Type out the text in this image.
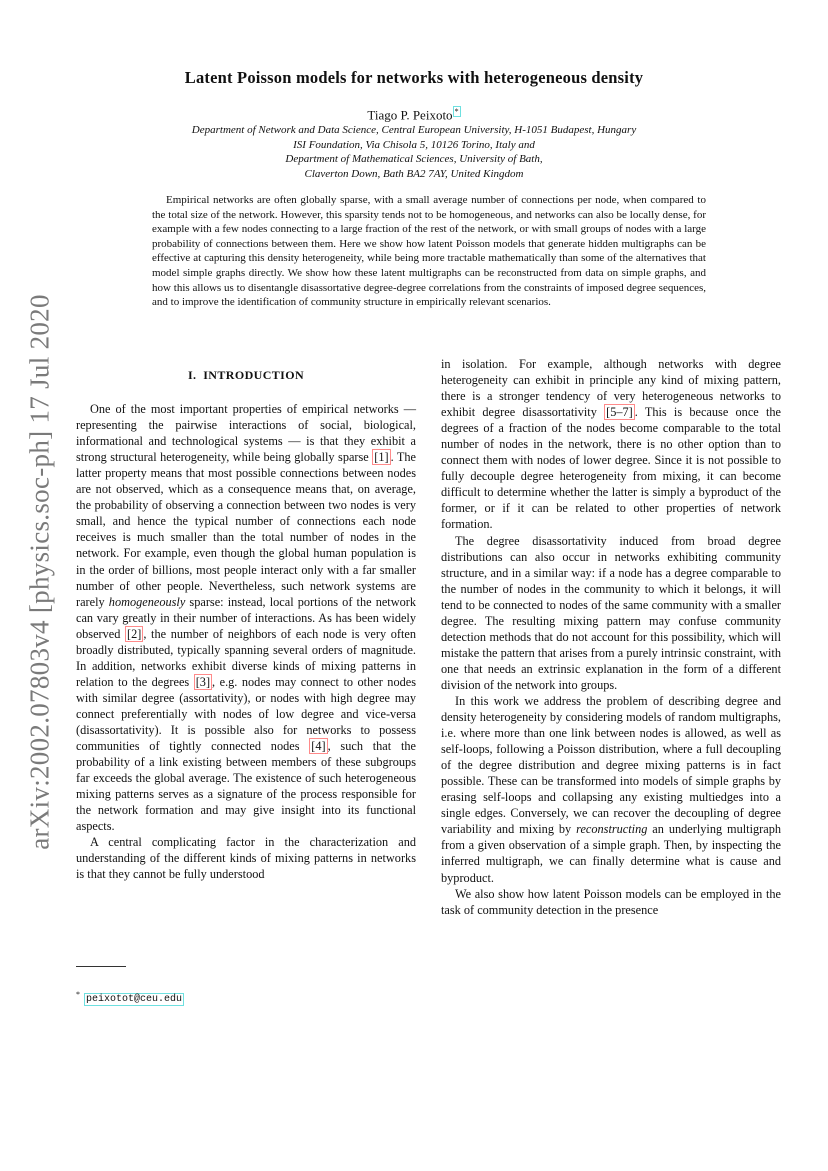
arXiv:2002.07803v4 [physics.soc-ph] 17 Jul 2020
Latent Poisson models for networks with heterogeneous density
Tiago P. Peixoto *
Department of Network and Data Science, Central European University, H-1051 Budapest, Hungary
ISI Foundation, Via Chisola 5, 10126 Torino, Italy and
Department of Mathematical Sciences, University of Bath,
Claverton Down, Bath BA2 7AY, United Kingdom

Empirical networks are often globally sparse, with a small average number of connections per node, when compared to the total size of the network. However, this sparsity tends not to be homogeneous, and networks can also be locally dense, for example with a few nodes connecting to a large fraction of the rest of the network, or with small groups of nodes with a large probability of connections between them. Here we show how latent Poisson models that generate hidden multigraphs can be effective at capturing this density heterogeneity, while being more tractable mathematically than some of the alternatives that model simple graphs directly. We show how these latent multigraphs can be reconstructed from data on simple graphs, and how this allows us to disentangle disassortative degree-degree correlations from the constraints of imposed degree sequences, and to improve the identification of community structure in empirically relevant scenarios.

I. INTRODUCTION

One of the most important properties of empirical networks — representing the pairwise interactions of social, biological, informational and technological systems — is that they exhibit a strong structural heterogeneity, while being globally sparse [1] . The latter property means that most possible connections between nodes are not observed, which as a consequence means that, on average, the probability of observing a connection between two nodes is very small, and hence the typical number of connections each node receives is much smaller than the total number of nodes in the network. For example, even though the global human population is in the order of billions, most people interact only with a far smaller number of other people. Nevertheless, such network systems are rarely homogeneously sparse: instead, local portions of the network can vary greatly in their number of interactions. As has been widely observed [2] , the number of neighbors of each node is very often broadly distributed, typically spanning several orders of magnitude. In addition, networks exhibit diverse kinds of mixing patterns in relation to the degrees [3] , e.g. nodes may connect to other nodes with similar degree (assortativity), or nodes with high degree may connect preferentially with nodes of low degree and vice-versa (disassortativity). It is possible also for networks to possess communities of tightly connected nodes [4] , such that the probability of a link existing between members of these subgroups far exceeds the global average. The existence of such heterogeneous mixing patterns serves as a signature of the process responsible for the network formation and may give insight into its functional aspects.

A central complicating factor in the characterization and understanding of the different kinds of mixing patterns in networks is that they cannot be fully understood

in isolation. For example, although networks with degree heterogeneity can exhibit in principle any kind of mixing pattern, there is a stronger tendency of very heterogeneous networks to exhibit degree disassortativity [5–7] . This is because once the degrees of a fraction of the nodes become comparable to the total number of nodes in the network, there is no other option than to connect them with nodes of lower degree. Since it is not possible to fully decouple degree heterogeneity from mixing, it can become difficult to determine whether the latter is simply a byproduct of the former, or if it can be related to other properties of network formation.

The degree disassortativity induced from broad degree distributions can also occur in networks exhibiting community structure, and in a similar way: if a node has a degree comparable to the number of nodes in the community to which it belongs, it will tend to be connected to nodes of the same community with a smaller degree. The resulting mixing pattern may confuse community detection methods that do not account for this possibility, which will mistake the pattern that arises from a purely intrinsic constraint, with one that needs an extrinsic explanation in the form of a different division of the network into groups.

In this work we address the problem of describing degree and density heterogeneity by considering models of random multigraphs, i.e. where more than one link between nodes is allowed, as well as self-loops, following a Poisson distribution, where a full decoupling of the degree distribution and degree mixing patterns is in fact possible. These can be transformed into models of simple graphs by erasing self-loops and collapsing any existing multiedges into a single edges. Conversely, we can recover the decoupling of degree variability and mixing by reconstructing an underlying multigraph from a given observation of a simple graph. Then, by inspecting the inferred multigraph, we can finally determine what is cause and byproduct.

We also show how latent Poisson models can be employed in the task of community detection in the presence

* peixotot@ceu.edu
